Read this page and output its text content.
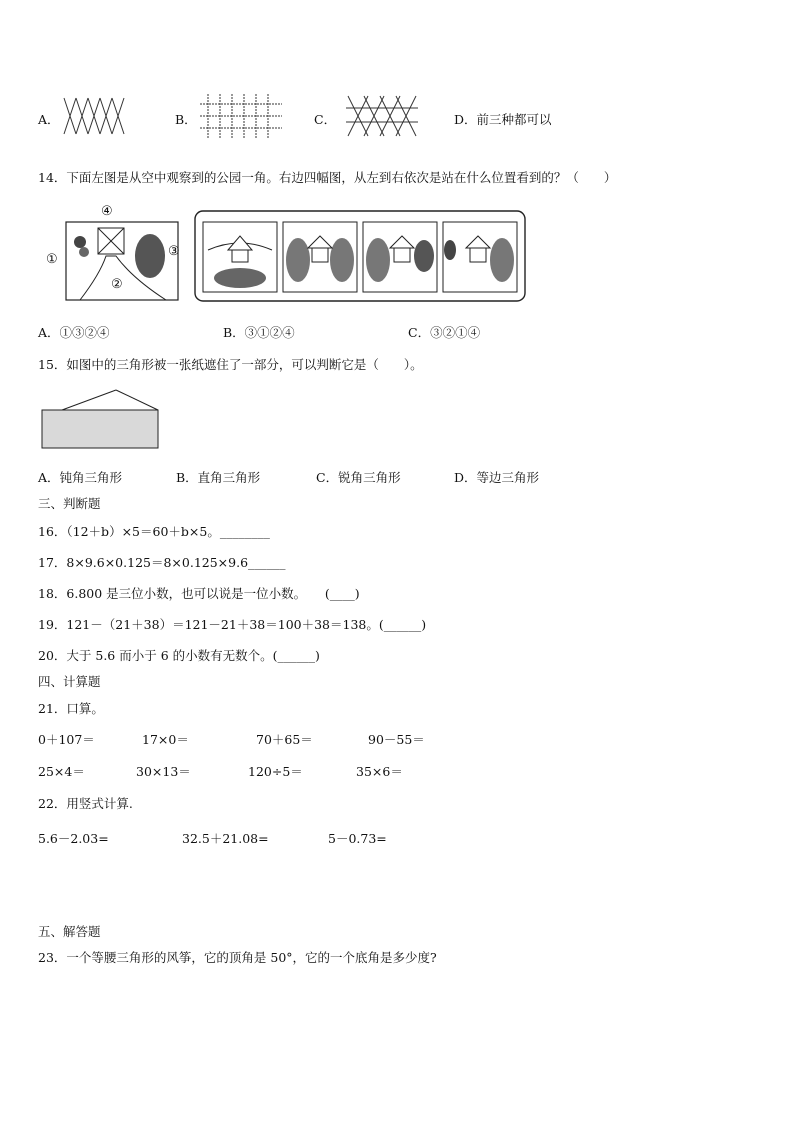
A．	B．	C．	D．前三种都可以
14．下面左图是从空中观察到的公园一角。右边四幅图，从左到右依次是站在什么位置看到的？（　　）
④
①
②
③
A．①③②④	B．③①②④	C．③②①④
15．如图中的三角形被一张纸遮住了一部分，可以判断它是（　　）。
A．钝角三角形	B．直角三角形	C．锐角三角形	D．等边三角形
三、判断题
16．（12＋b）×5＝60＋b×5。________
17．8×9.6×0.125＝8×0.125×9.6______
18．6.800 是三位小数，也可以说是一位小数。　　(____)
19．121－（21＋38）＝121－21＋38＝100＋38＝138。(______)
20．大于 5.6 而小于 6 的小数有无数个。(______)
四、计算题
21．口算。
0＋107＝	17×0＝	70＋65＝	90－55＝
25×4＝	30×13＝	120÷5＝	35×6＝
22．用竖式计算.
5.6－2.03=	32.5＋21.08=	5－0.73=
五、解答题
23．一个等腰三角形的风筝，它的顶角是 50°，它的一个底角是多少度?
